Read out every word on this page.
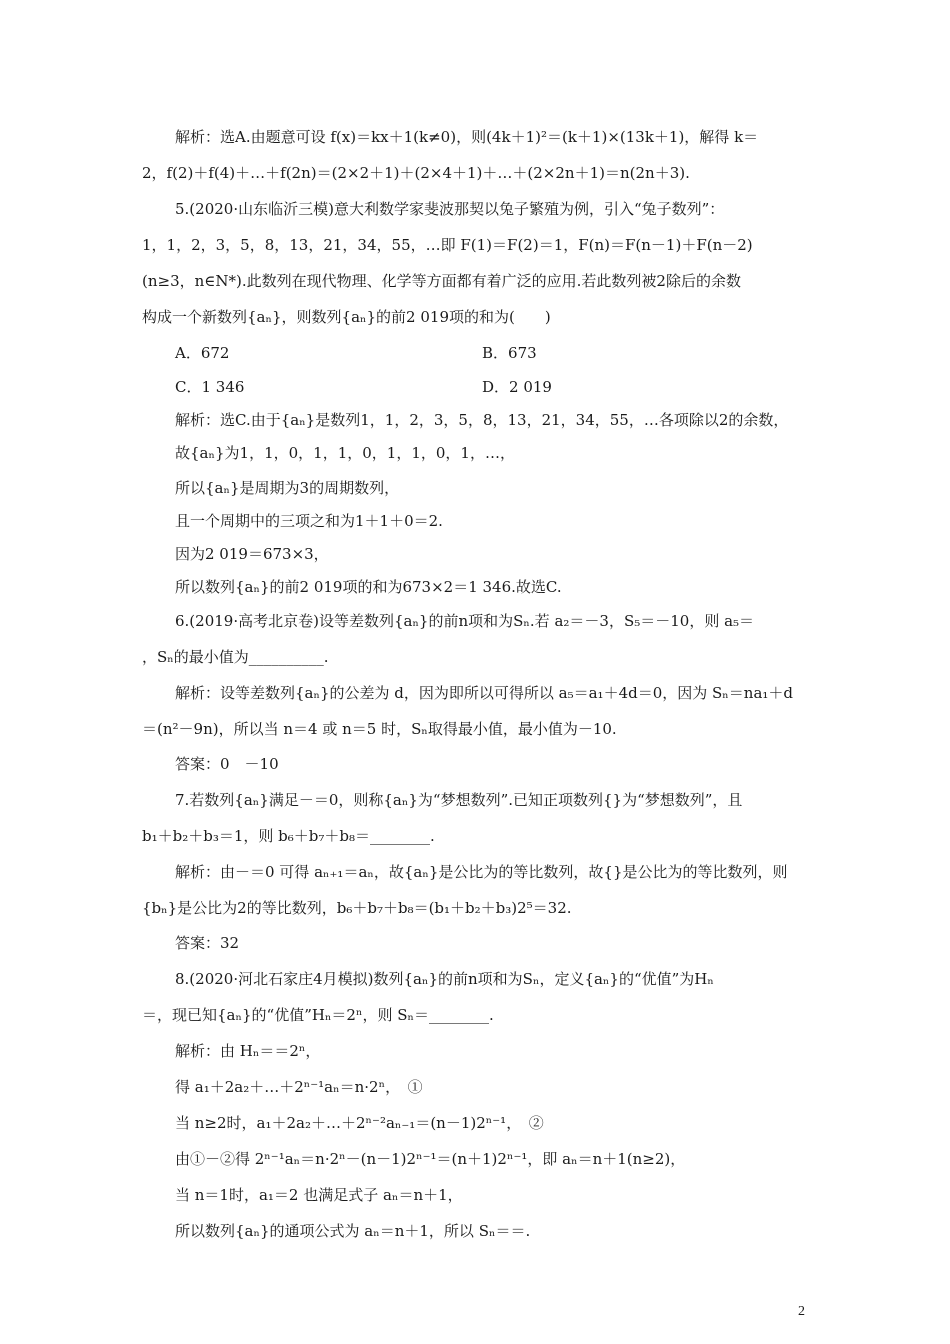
解析：选A.由题意可设 f(x)＝kx＋1(k≠0)，则(4k＋1)²＝(k＋1)×(13k＋1)，解得 k＝
2，f(2)＋f(4)＋…＋f(2n)＝(2×2＋1)＋(2×4＋1)＋…＋(2×2n＋1)＝n(2n＋3).
5.(2020·山东临沂三模)意大利数学家斐波那契以兔子繁殖为例，引入“兔子数列”：
1，1，2，3，5，8，13，21，34，55，…即 F(1)＝F(2)＝1，F(n)＝F(n－1)＋F(n－2)
(n≥3，n∈N*).此数列在现代物理、化学等方面都有着广泛的应用.若此数列被2除后的余数
构成一个新数列{aₙ}，则数列{aₙ}的前2 019项的和为(　　)
A．672	B．673
C．1 346	D．2 019
解析：选C.由于{aₙ}是数列1，1，2，3，5，8，13，21，34，55，…各项除以2的余数，
故{aₙ}为1，1，0，1，1，0，1，1，0，1，…，
所以{aₙ}是周期为3的周期数列，
且一个周期中的三项之和为1＋1＋0＝2.
因为2 019＝673×3，
所以数列{aₙ}的前2 019项的和为673×2＝1 346.故选C.
6.(2019·高考北京卷)设等差数列{aₙ}的前n项和为Sₙ.若 a₂＝－3，S₅＝－10，则 a₅＝
，Sₙ的最小值为__________.
解析：设等差数列{aₙ}的公差为 d，因为即所以可得所以 a₅＝a₁＋4d＝0，因为 Sₙ＝na₁＋d
＝(n²－9n)，所以当 n＝4 或 n＝5 时，Sₙ取得最小值，最小值为－10.
答案：0　－10
7.若数列{aₙ}满足－＝0，则称{aₙ}为“梦想数列”.已知正项数列{}为“梦想数列”，且
b₁＋b₂＋b₃＝1，则 b₆＋b₇＋b₈＝________.
解析：由－＝0 可得 aₙ₊₁＝aₙ，故{aₙ}是公比为的等比数列，故{}是公比为的等比数列，则
{bₙ}是公比为2的等比数列，b₆＋b₇＋b₈＝(b₁＋b₂＋b₃)2⁵＝32.
答案：32
8.(2020·河北石家庄4月模拟)数列{aₙ}的前n项和为Sₙ，定义{aₙ}的“优值”为Hₙ
＝，现已知{aₙ}的“优值”Hₙ＝2ⁿ，则 Sₙ＝________.
解析：由 Hₙ＝＝2ⁿ，
得 a₁＋2a₂＋…＋2ⁿ⁻¹aₙ＝n·2ⁿ，　①
当 n≥2时，a₁＋2a₂＋…＋2ⁿ⁻²aₙ₋₁＝(n－1)2ⁿ⁻¹，　②
由①－②得 2ⁿ⁻¹aₙ＝n·2ⁿ－(n－1)2ⁿ⁻¹＝(n＋1)2ⁿ⁻¹，即 aₙ＝n＋1(n≥2)，
当 n＝1时，a₁＝2 也满足式子 aₙ＝n＋1，
所以数列{aₙ}的通项公式为 aₙ＝n＋1，所以 Sₙ＝＝.
2
